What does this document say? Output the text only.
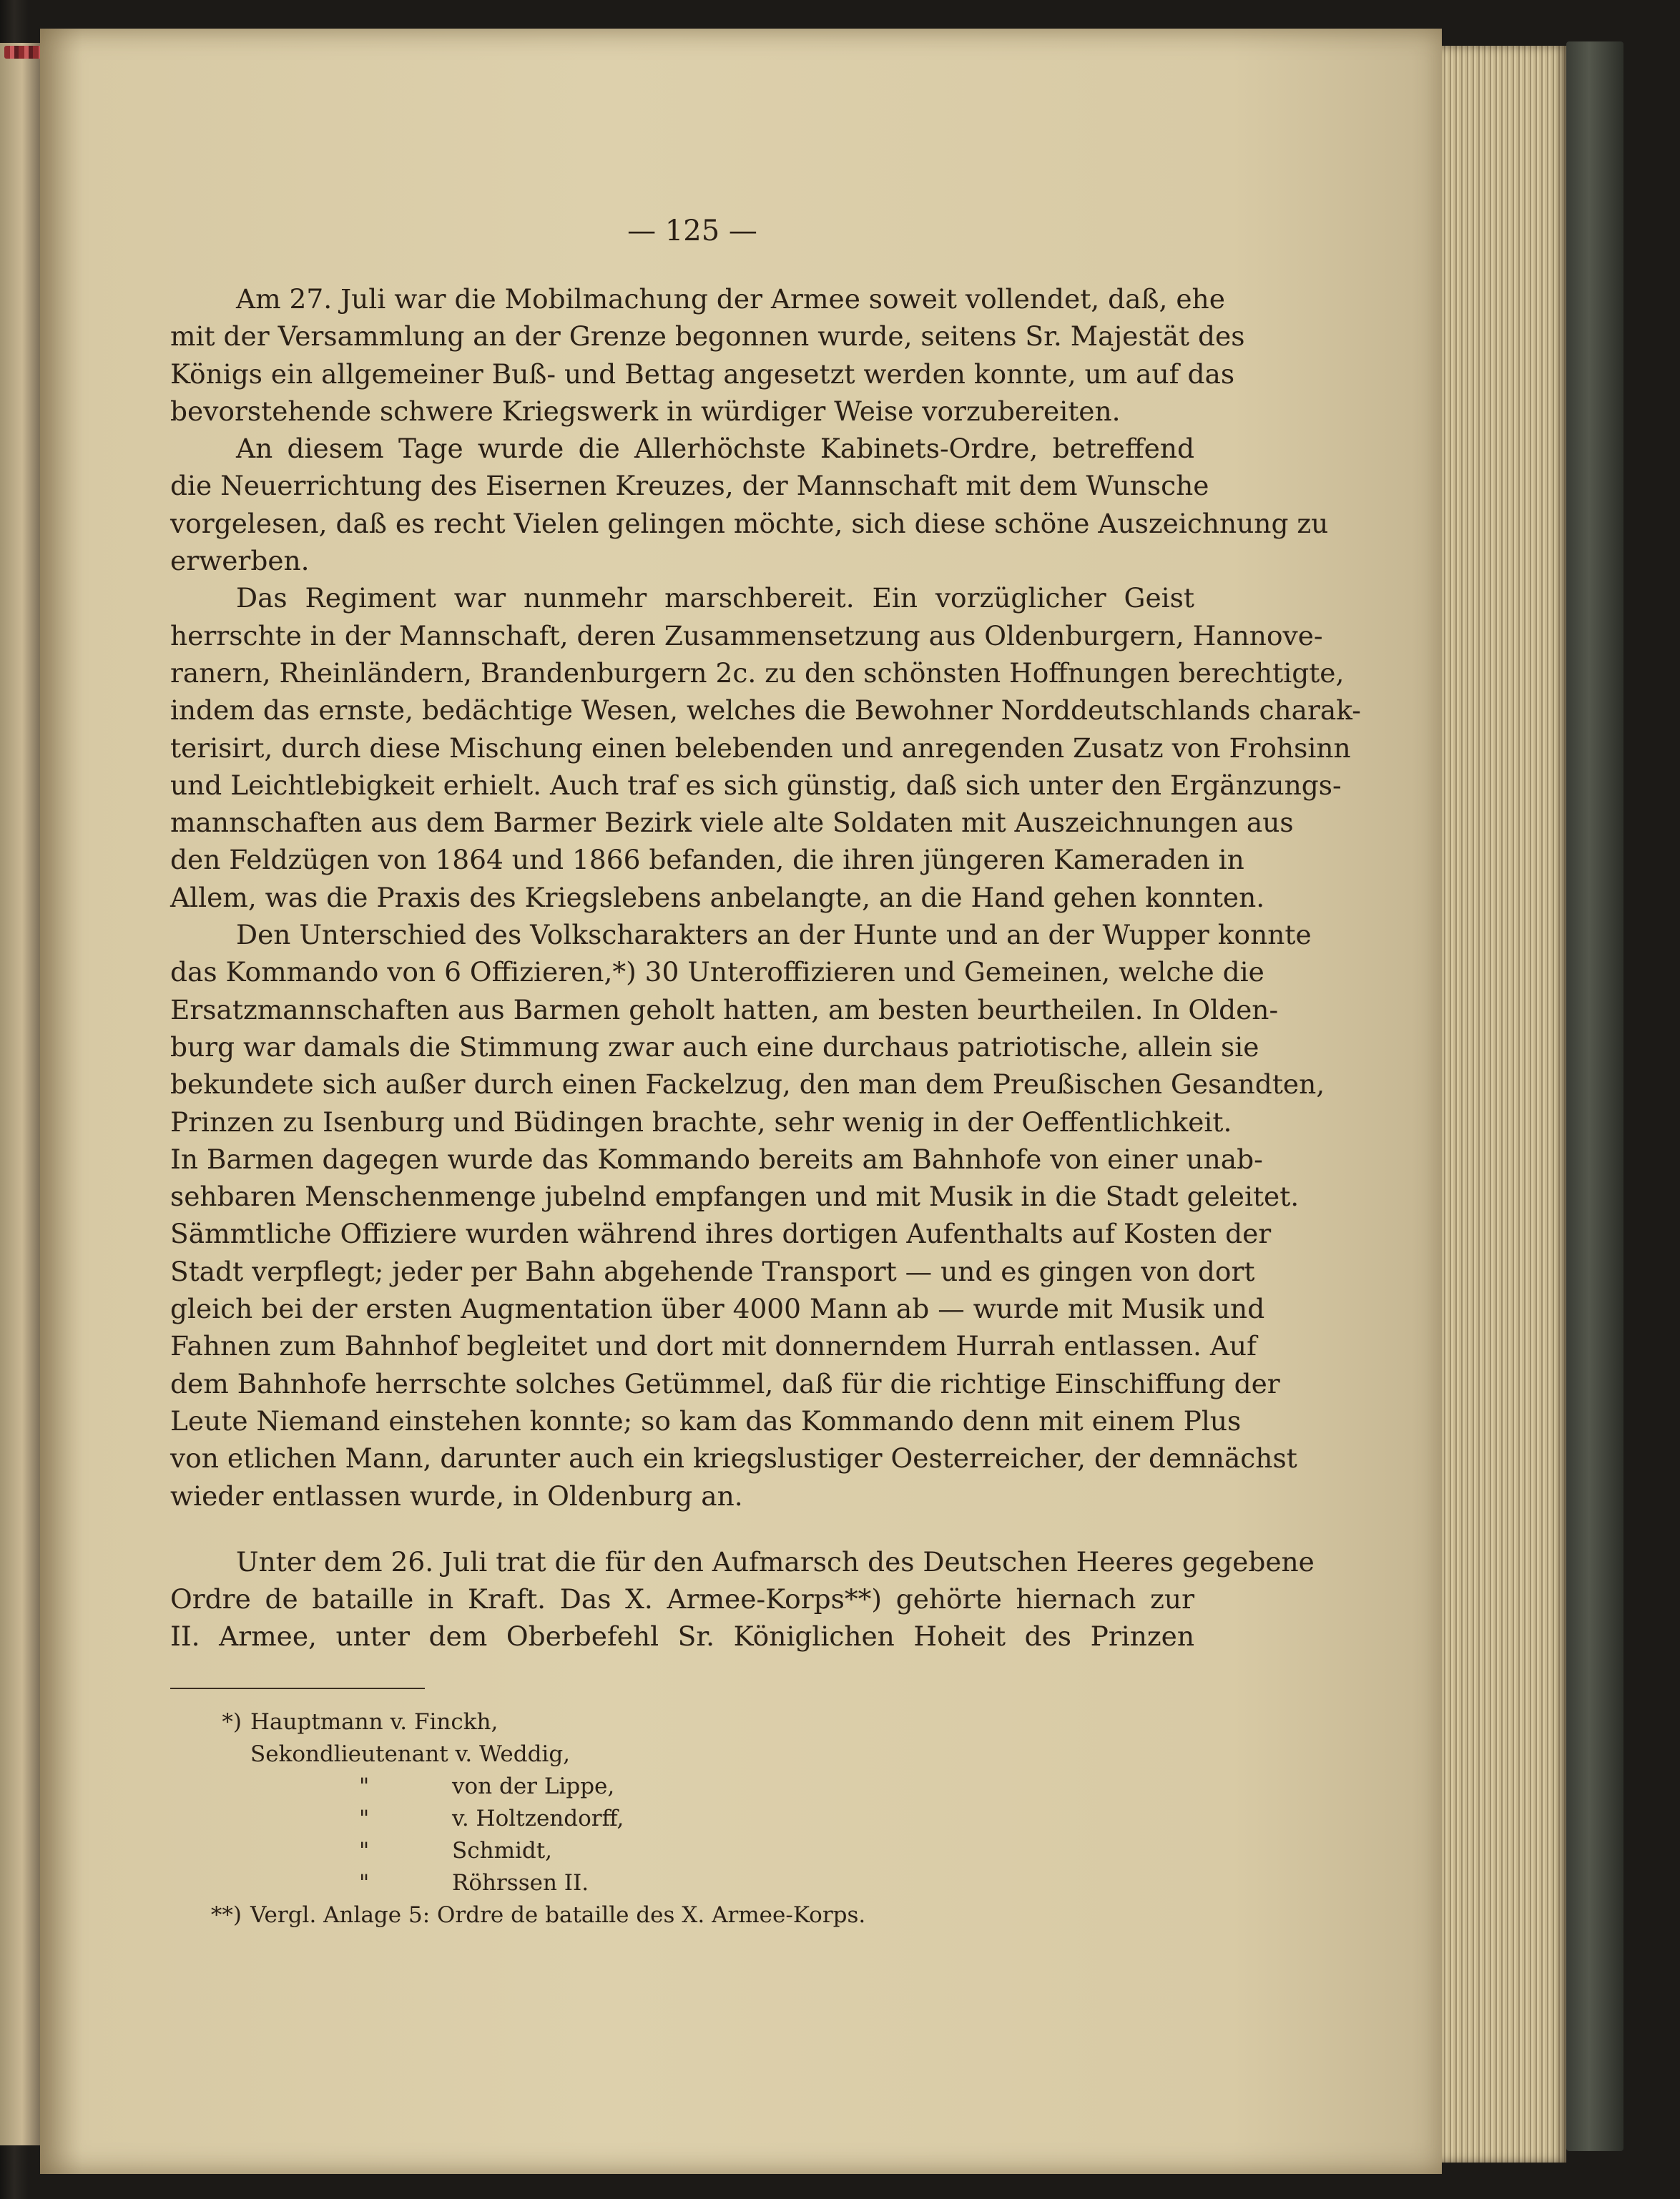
— 125 —
Am 27. Juli war die Mobilmachung der Armee soweit vollendet, daß, ehe
mit der Versammlung an der Grenze begonnen wurde, seitens Sr. Majestät des
Königs ein allgemeiner Buß- und Bettag angesetzt werden konnte, um auf das
bevorstehende schwere Kriegswerk in würdiger Weise vorzubereiten.
An diesem Tage wurde die Allerhöchste Kabinets-Ordre, betreffend
die Neuerrichtung des Eisernen Kreuzes, der Mannschaft mit dem Wunsche
vorgelesen, daß es recht Vielen gelingen möchte, sich diese schöne Auszeichnung zu
erwerben.
Das Regiment war nunmehr marschbereit. Ein vorzüglicher Geist
herrschte in der Mannschaft, deren Zusammensetzung aus Oldenburgern, Hannove-
ranern, Rheinländern, Brandenburgern 2c. zu den schönsten Hoffnungen berechtigte,
indem das ernste, bedächtige Wesen, welches die Bewohner Norddeutschlands charak-
terisirt, durch diese Mischung einen belebenden und anregenden Zusatz von Frohsinn
und Leichtlebigkeit erhielt. Auch traf es sich günstig, daß sich unter den Ergänzungs-
mannschaften aus dem Barmer Bezirk viele alte Soldaten mit Auszeichnungen aus
den Feldzügen von 1864 und 1866 befanden, die ihren jüngeren Kameraden in
Allem, was die Praxis des Kriegslebens anbelangte, an die Hand gehen konnten.
Den Unterschied des Volkscharakters an der Hunte und an der Wupper konnte
das Kommando von 6 Offizieren,*) 30 Unteroffizieren und Gemeinen, welche die
Ersatzmannschaften aus Barmen geholt hatten, am besten beurtheilen. In Olden-
burg war damals die Stimmung zwar auch eine durchaus patriotische, allein sie
bekundete sich außer durch einen Fackelzug, den man dem Preußischen Gesandten,
Prinzen zu Isenburg und Büdingen brachte, sehr wenig in der Oeffentlichkeit.
In Barmen dagegen wurde das Kommando bereits am Bahnhofe von einer unab-
sehbaren Menschenmenge jubelnd empfangen und mit Musik in die Stadt geleitet.
Sämmtliche Offiziere wurden während ihres dortigen Aufenthalts auf Kosten der
Stadt verpflegt; jeder per Bahn abgehende Transport — und es gingen von dort
gleich bei der ersten Augmentation über 4000 Mann ab — wurde mit Musik und
Fahnen zum Bahnhof begleitet und dort mit donnerndem Hurrah entlassen. Auf
dem Bahnhofe herrschte solches Getümmel, daß für die richtige Einschiffung der
Leute Niemand einstehen konnte; so kam das Kommando denn mit einem Plus
von etlichen Mann, darunter auch ein kriegslustiger Oesterreicher, der demnächst
wieder entlassen wurde, in Oldenburg an.
Unter dem 26. Juli trat die für den Aufmarsch des Deutschen Heeres gegebene
Ordre de bataille in Kraft. Das X. Armee-Korps**) gehörte hiernach zur
II. Armee, unter dem Oberbefehl Sr. Königlichen Hoheit des Prinzen
*) Hauptmann v. Finckh,
Sekondlieutenant v. Weddig,
"	von der Lippe,
"	v. Holtzendorff,
"	Schmidt,
"	Röhrssen II.
**) Vergl. Anlage 5: Ordre de bataille des X. Armee-Korps.
